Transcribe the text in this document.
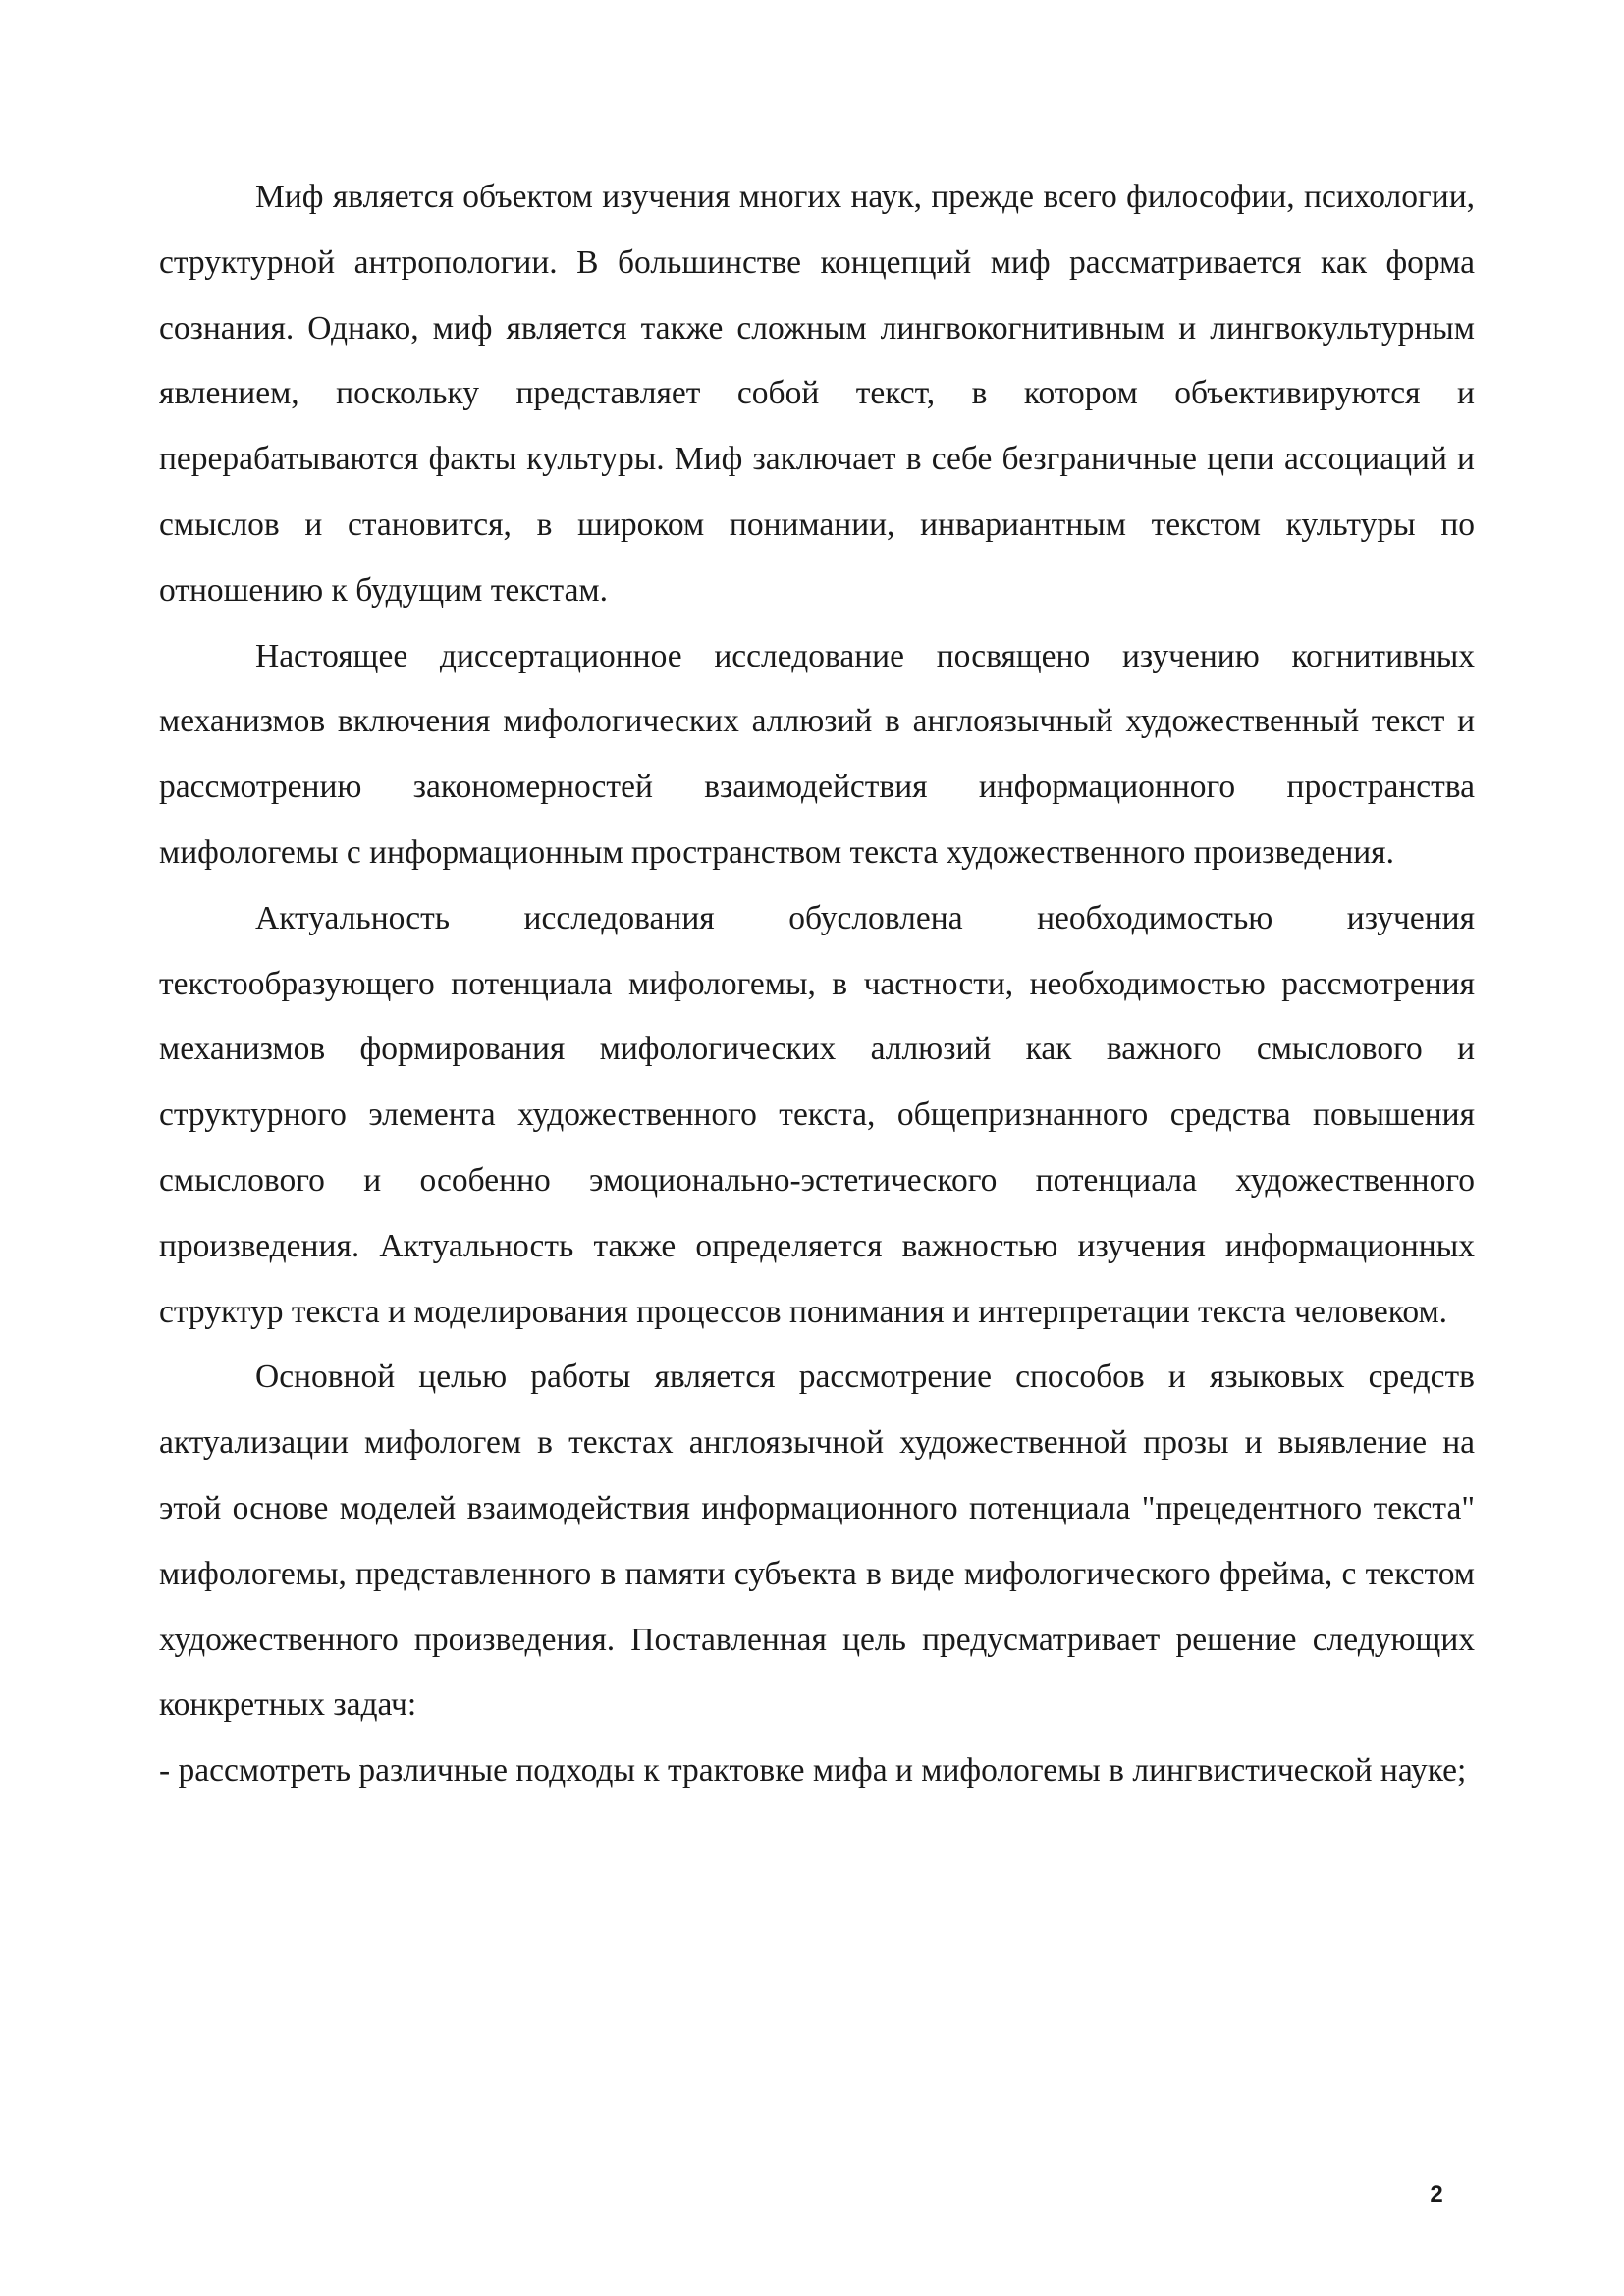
Миф является объектом изучения многих наук, прежде всего философии, психологии, структурной антропологии. В большинстве концепций миф рассматривается как форма сознания. Однако, миф является также сложным лингвокогнитивным и лингвокультурным явлением, поскольку представляет собой текст, в котором объективируются и перерабатываются факты культуры. Миф заключает в себе безграничные цепи ассоциаций и смыслов и становится, в широком понимании, инвариантным текстом культуры по отношению к будущим текстам.

Настоящее диссертационное исследование посвящено изучению когнитивных механизмов включения мифологических аллюзий в англоязычный художественный текст и рассмотрению закономерностей взаимодействия информационного пространства мифологемы с информационным пространством текста художественного произведения.

Актуальность исследования обусловлена необходимостью изучения текстообразующего потенциала мифологемы, в частности, необходимостью рассмотрения механизмов формирования мифологических аллюзий как важного смыслового и структурного элемента художественного текста, общепризнанного средства повышения смыслового и особенно эмоционально-эстетического потенциала художественного произведения. Актуальность также определяется важностью изучения информационных структур текста и моделирования процессов понимания и интерпретации текста человеком.

Основной целью работы является рассмотрение способов и языковых средств актуализации мифологем в текстах англоязычной художественной прозы и выявление на этой основе моделей взаимодействия информационного потенциала "прецедентного текста" мифологемы, представленного в памяти субъекта в виде мифологического фрейма, с текстом художественного произведения. Поставленная цель предусматривает решение следующих конкретных задач:

- рассмотреть различные подходы к трактовке мифа и мифологемы в лингвистической науке;

2
